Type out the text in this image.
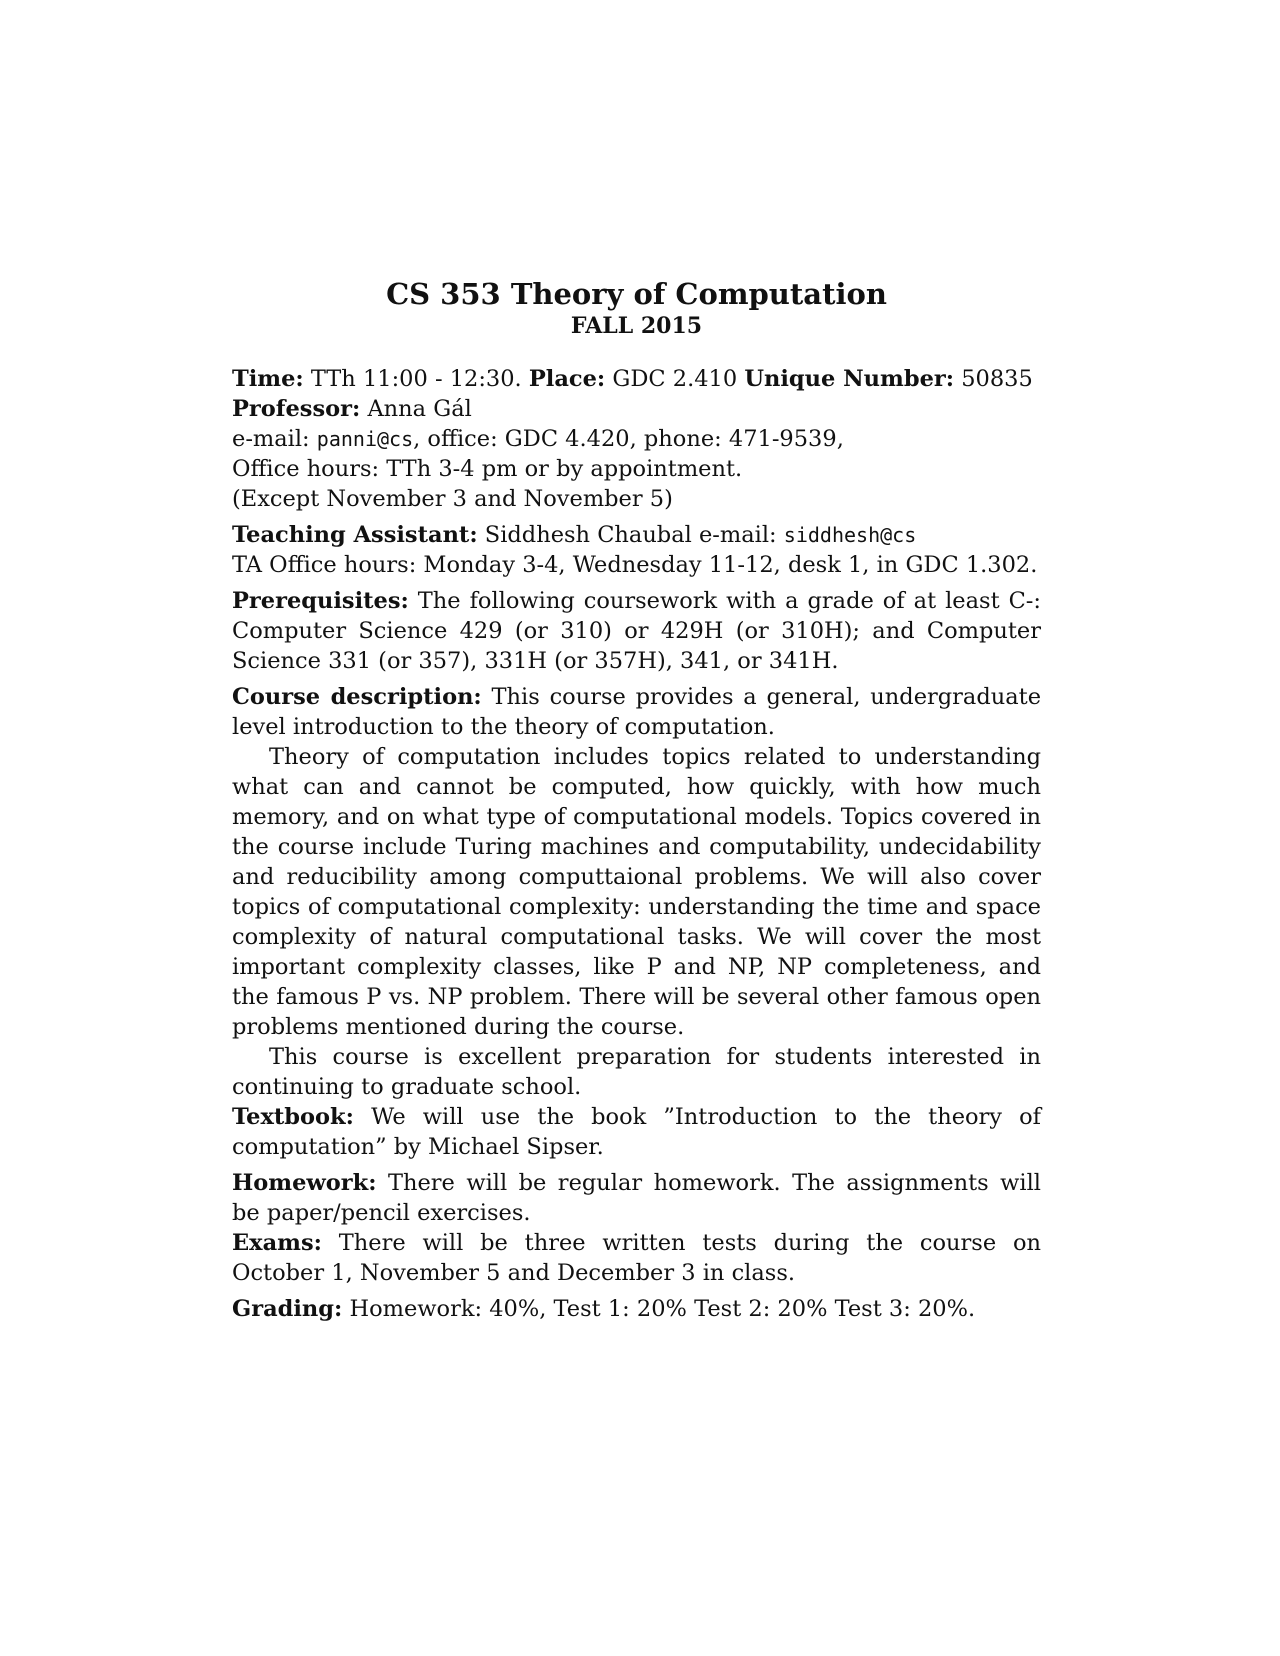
CS 353 Theory of Computation
FALL 2015
Time: TTh 11:00 - 12:30. Place: GDC 2.410 Unique Number: 50835
Professor: Anna Gál
e-mail: panni@cs, office: GDC 4.420, phone: 471-9539,
Office hours: TTh 3-4 pm or by appointment.
(Except November 3 and November 5)
Teaching Assistant: Siddhesh Chaubal e-mail: siddhesh@cs
TA Office hours: Monday 3-4, Wednesday 11-12, desk 1, in GDC 1.302.
Prerequisites: The following coursework with a grade of at least C-: Computer Science 429 (or 310) or 429H (or 310H); and Computer Science 331 (or 357), 331H (or 357H), 341, or 341H.

Course description: This course provides a general, undergraduate level introduction to the theory of computation.

Theory of computation includes topics related to understanding what can and cannot be computed, how quickly, with how much memory, and on what type of computational models. Topics covered in the course include Turing machines and computability, undecidability and reducibility among computtaional problems. We will also cover topics of computational complexity: understanding the time and space complexity of natural computational tasks. We will cover the most important complexity classes, like P and NP, NP completeness, and the famous P vs. NP problem. There will be several other famous open problems mentioned during the course.

This course is excellent preparation for students interested in continuing to graduate school.

Textbook: We will use the book ”Introduction to the theory of computation” by Michael Sipser.
Homework: There will be regular homework. The assignments will be paper/pencil exercises.
Exams: There will be three written tests during the course on October 1, November 5 and December 3 in class.
Grading: Homework: 40%, Test 1: 20% Test 2: 20% Test 3: 20%.
